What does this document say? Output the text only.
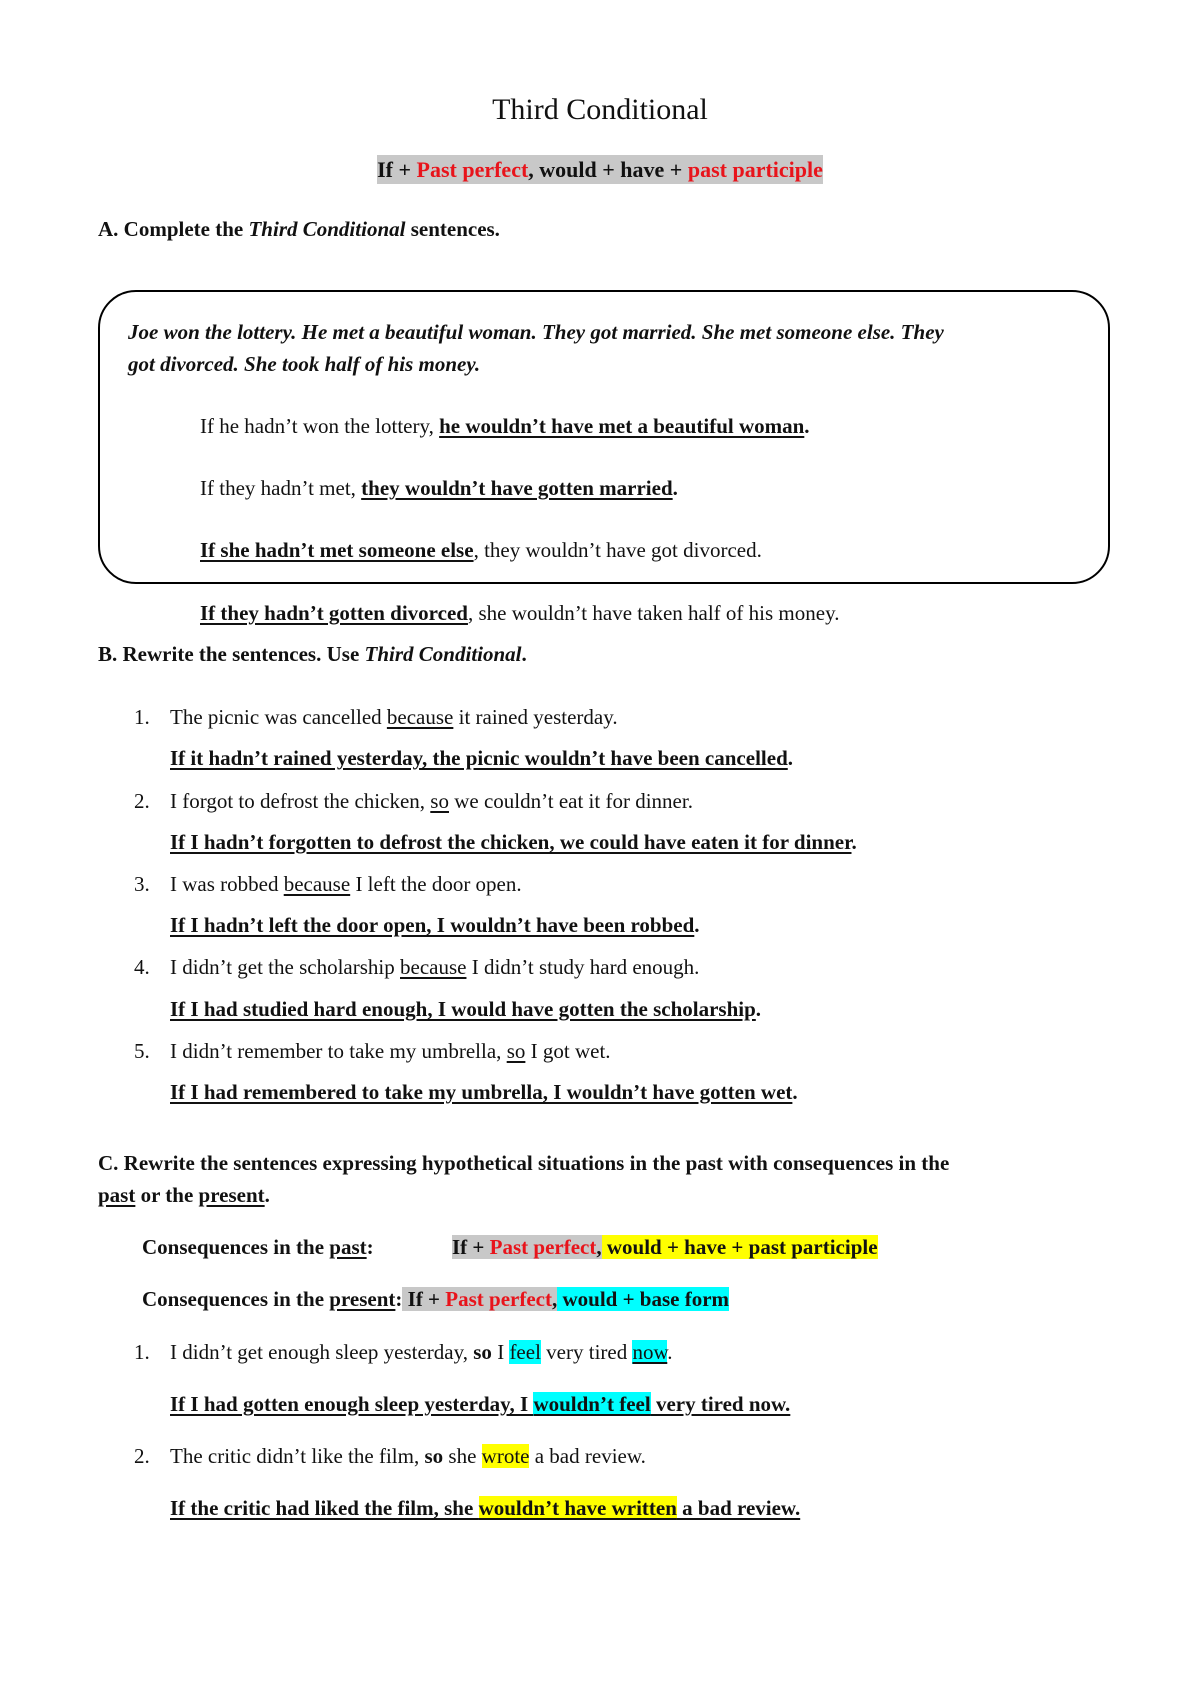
Third Conditional
If + Past perfect, would + have + past participle
A. Complete the Third Conditional sentences.
Joe won the lottery. He met a beautiful woman. They got married. She met someone else. They
got divorced. She took half of his money.
If he hadn’t won the lottery, he wouldn’t have met a beautiful woman.
If they hadn’t met, they wouldn’t have gotten married.
If she hadn’t met someone else, they wouldn’t have got divorced.
If they hadn’t gotten divorced, she wouldn’t have taken half of his money.
B. Rewrite the sentences. Use Third Conditional.
1. The picnic was cancelled because it rained yesterday.
If it hadn’t rained yesterday, the picnic wouldn’t have been cancelled.
2. I forgot to defrost the chicken, so we couldn’t eat it for dinner.
If I hadn’t forgotten to defrost the chicken, we could have eaten it for dinner.
3. I was robbed because I left the door open.
If I hadn’t left the door open, I wouldn’t have been robbed.
4. I didn’t get the scholarship because I didn’t study hard enough.
If I had studied hard enough, I would have gotten the scholarship.
5. I didn’t remember to take my umbrella, so I got wet.
If I had remembered to take my umbrella, I wouldn’t have gotten wet.
C. Rewrite the sentences expressing hypothetical situations in the past with consequences in the
past or the present.
Consequences in the past:	If + Past perfect, would + have + past participle
Consequences in the present: If + Past perfect, would + base form
1. I didn’t get enough sleep yesterday, so I feel very tired now.
If I had gotten enough sleep yesterday, I wouldn’t feel very tired now.
2. The critic didn’t like the film, so she wrote a bad review.
If the critic had liked the film, she wouldn’t have written a bad review.
